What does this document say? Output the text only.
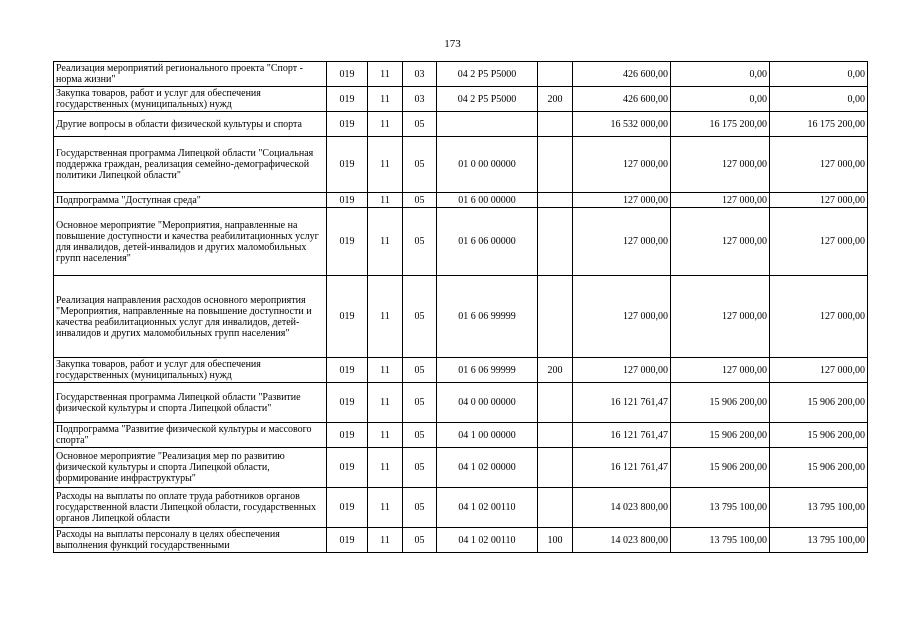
173
Реализация мероприятий регионального проекта "Спорт - норма жизни"	019	11	03	04 2 P5 P5000		426 600,00	0,00	0,00
Закупка товаров, работ и услуг для обеспечения государственных (муниципальных) нужд	019	11	03	04 2 P5 P5000	200	426 600,00	0,00	0,00
Другие вопросы в области физической культуры и спорта	019	11	05			16 532 000,00	16 175 200,00	16 175 200,00
Государственная программа Липецкой области "Социальная поддержка граждан, реализация семейно-демографической политики Липецкой области"	019	11	05	01 0 00 00000		127 000,00	127 000,00	127 000,00
Подпрограмма "Доступная среда"	019	11	05	01 6 00 00000		127 000,00	127 000,00	127 000,00
Основное мероприятие "Мероприятия, направленные на повышение доступности и качества реабилитационных услуг для инвалидов, детей-инвалидов и других маломобильных групп населения"	019	11	05	01 6 06 00000		127 000,00	127 000,00	127 000,00
Реализация направления расходов основного мероприятия "Мероприятия, направленные на повышение доступности и качества реабилитационных услуг для инвалидов, детей-инвалидов и других маломобильных групп населения"	019	11	05	01 6 06 99999		127 000,00	127 000,00	127 000,00
Закупка товаров, работ и услуг для обеспечения государственных (муниципальных) нужд	019	11	05	01 6 06 99999	200	127 000,00	127 000,00	127 000,00
Государственная программа Липецкой области "Развитие физической культуры и спорта Липецкой области"	019	11	05	04 0 00 00000		16 121 761,47	15 906 200,00	15 906 200,00
Подпрограмма "Развитие физической культуры и массового спорта"	019	11	05	04 1 00 00000		16 121 761,47	15 906 200,00	15 906 200,00
Основное мероприятие "Реализация мер по развитию физической культуры и спорта Липецкой области, формирование инфраструктуры"	019	11	05	04 1 02 00000		16 121 761,47	15 906 200,00	15 906 200,00
Расходы на выплаты по оплате труда работников органов государственной власти Липецкой области, государственных органов Липецкой области	019	11	05	04 1 02 00110		14 023 800,00	13 795 100,00	13 795 100,00
Расходы на выплаты персоналу в целях обеспечения выполнения функций государственными	019	11	05	04 1 02 00110	100	14 023 800,00	13 795 100,00	13 795 100,00
